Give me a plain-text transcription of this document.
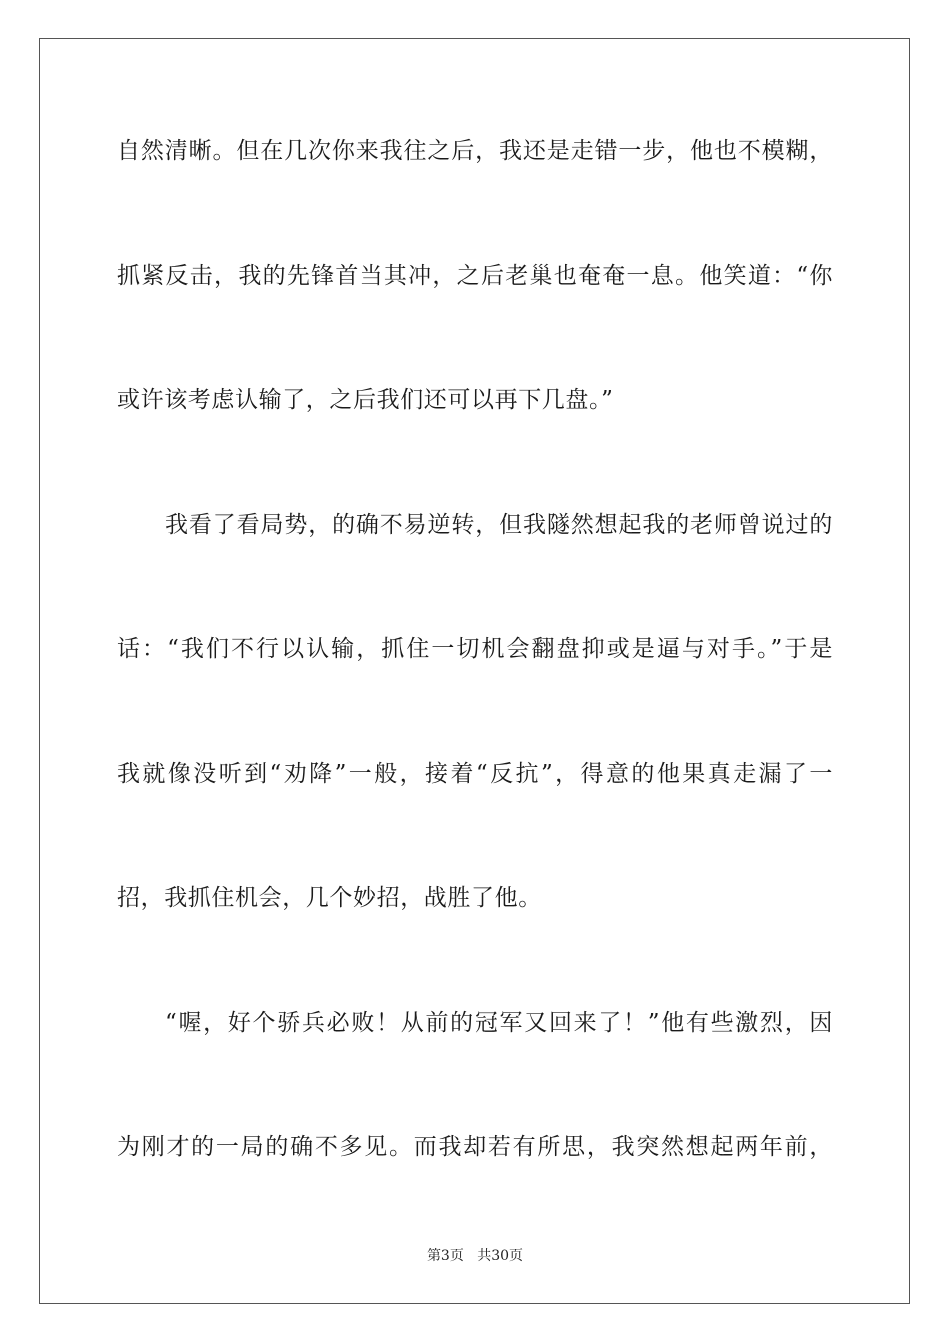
自然清晰。但在几次你来我往之后，我还是走错一步，他也不模糊，
抓紧反击，我的先锋首当其冲，之后老巢也奄奄一息。他笑道：“你
或许该考虑认输了，之后我们还可以再下几盘。”
我看了看局势，的确不易逆转，但我隧然想起我的老师曾说过的
话：“我们不行以认输，抓住一切机会翻盘抑或是逼与对手。”于是
我就像没听到“劝降”一般，接着“反抗”，得意的他果真走漏了一
招，我抓住机会，几个妙招，战胜了他。
“喔，好个骄兵必败！从前的冠军又回来了！”他有些激烈，因
为刚才的一局的确不多见。而我却若有所思，我突然想起两年前，
第3页 共30页
